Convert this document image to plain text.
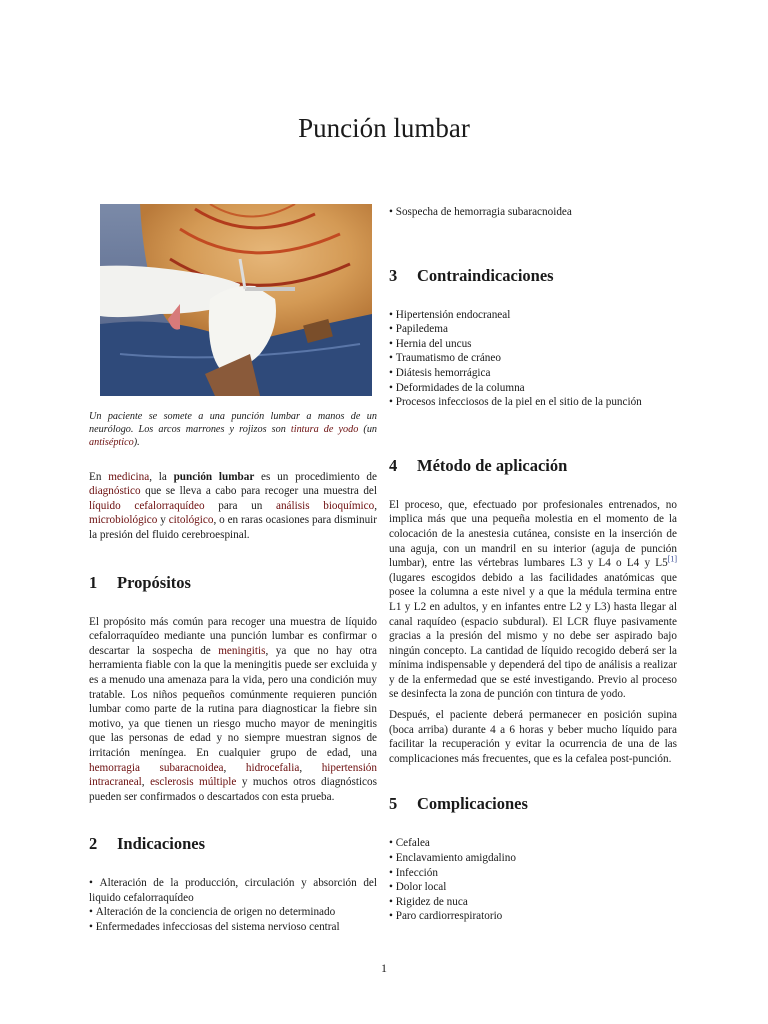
Punción lumbar

Un paciente se somete a una punción lumbar a manos de un neurólogo. Los arcos marrones y rojizos son tintura de yodo (un antiséptico).

En medicina, la punción lumbar es un procedimiento de diagnóstico que se lleva a cabo para recoger una muestra del líquido cefalorraquídeo para un análisis bioquímico, microbiológico y citológico, o en raras ocasiones para disminuir la presión del fluido cerebroespinal.

1 Propósitos

El propósito más común para recoger una muestra de líquido cefalorraquídeo mediante una punción lumbar es confirmar o descartar la sospecha de meningitis, ya que no hay otra herramienta fiable con la que la meningitis puede ser excluida y es a menudo una amenaza para la vida, pero una condición muy tratable. Los niños pequeños comúnmente requieren punción lumbar como parte de la rutina para diagnosticar la fiebre sin motivo, ya que tienen un riesgo mucho mayor de meningitis que las personas de edad y no siempre muestran signos de irritación meníngea. En cualquier grupo de edad, una hemorragia subaracnoidea, hidrocefalia, hipertensión intracraneal, esclerosis múltiple y muchos otros diagnósticos pueden ser confirmados o descartados con esta prueba.

2 Indicaciones
• Alteración de la producción, circulación y absorción del liquido cefalorraquídeo
• Alteración de la conciencia de origen no determinado
• Enfermedades infecciosas del sistema nervioso central
• Sospecha de hemorragia subaracnoidea
3 Contraindicaciones
• Hipertensión endocraneal
• Papiledema
• Hernia del uncus
• Traumatismo de cráneo
• Diátesis hemorrágica
• Deformidades de la columna
• Procesos infecciosos de la piel en el sitio de la punción
4 Método de aplicación

El proceso, que, efectuado por profesionales entrenados, no implica más que una pequeña molestia en el momento de la colocación de la anestesia cutánea, consiste en la inserción de una aguja, con un mandril en su interior (aguja de punción lumbar), entre las vértebras lumbares L3 y L4 o L4 y L5[1] (lugares escogidos debido a las facilidades anatómicas que posee la columna a este nivel y a que la médula termina entre L1 y L2 en adultos, y en infantes entre L2 y L3) hasta llegar al canal raquídeo (espacio subdural). El LCR fluye pasivamente gracias a la presión del mismo y no debe ser aspirado bajo ningún concepto. La cantidad de líquido recogido deberá ser la mínima indispensable y dependerá del tipo de análisis a realizar y de la enfermedad que se esté investigando. Previo al proceso se desinfecta la zona de punción con tintura de yodo.

Después, el paciente deberá permanecer en posición supina (boca arriba) durante 4 a 6 horas y beber mucho líquido para facilitar la recuperación y evitar la ocurrencia de una de las complicaciones más frecuentes, que es la cefalea post-punción.

5 Complicaciones
• Cefalea
• Enclavamiento amigdalino
• Infección
• Dolor local
• Rigidez de nuca
• Paro cardiorrespiratorio
1
